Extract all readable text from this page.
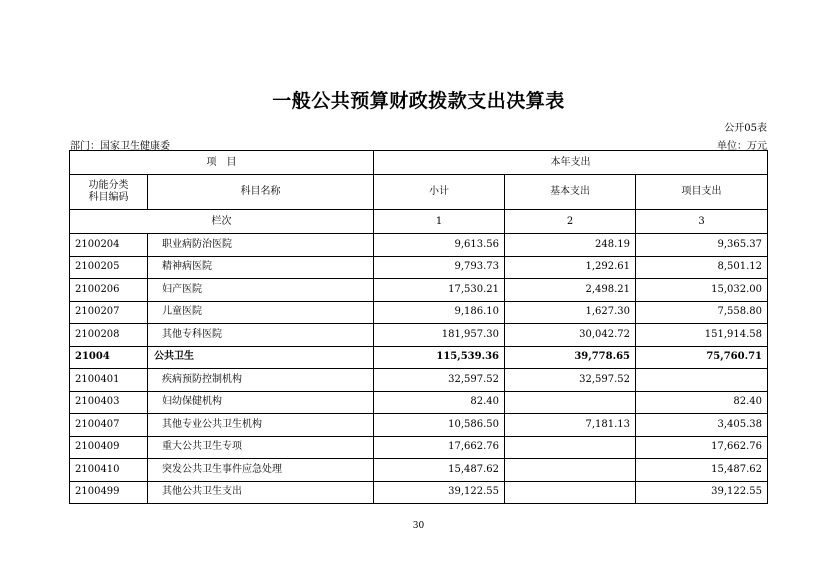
一般公共预算财政拨款支出决算表
公开05表
部门：国家卫生健康委	单位：万元
项　目		本年支出		
功能分类
科目编码	科目名称	小计	基本支出	项目支出
栏次		1	2	3
2100204	职业病防治医院	9,613.56	248.19	9,365.37
2100205	精神病医院	9,793.73	1,292.61	8,501.12
2100206	妇产医院	17,530.21	2,498.21	15,032.00
2100207	儿童医院	9,186.10	1,627.30	7,558.80
2100208	其他专科医院	181,957.30	30,042.72	151,914.58
21004	公共卫生	115,539.36	39,778.65	75,760.71
2100401	疾病预防控制机构	32,597.52	32,597.52	
2100403	妇幼保健机构	82.40		82.40
2100407	其他专业公共卫生机构	10,586.50	7,181.13	3,405.38
2100409	重大公共卫生专项	17,662.76		17,662.76
2100410	突发公共卫生事件应急处理	15,487.62		15,487.62
2100499	其他公共卫生支出	39,122.55		39,122.55
30
